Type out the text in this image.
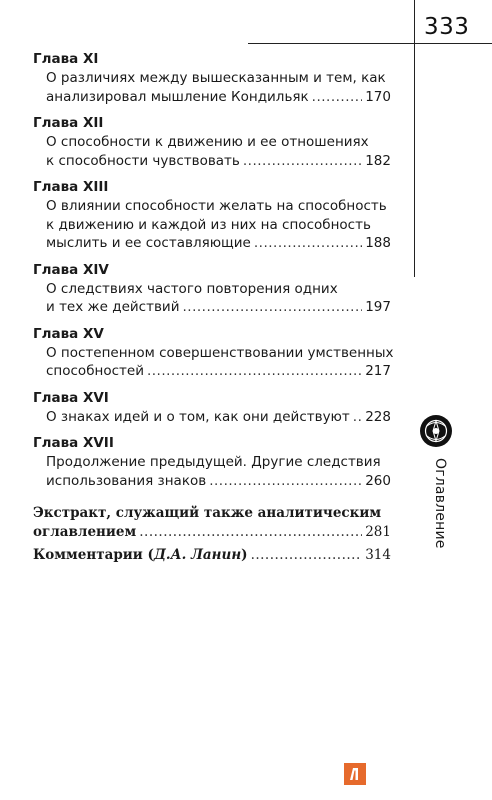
333
Глава XI
О различиях между вышесказанным и тем, как
анализировал мышление Кондильяк .....	170
Глава XII
О способности к движению и ее отношениях
к способности чувствовать .....	182
Глава XIII
О влиянии способности желать на способность
к движению и каждой из них на способность
мыслить и ее составляющие .....	188
Глава XIV
О следствиях частого повторения одних
и тех же действий .....	197
Глава XV
О постепенном совершенствовании умственных
способностей .....	217
Глава XVI
О знаках идей и о том, как они действуют ..... 228
Глава XVII
Продолжение предыдущей. Другие следствия
использования знаков .....	260
Экстракт, служащий также аналитическим
оглавлением .....	281
Комментарии (Д.А. Ланин) .....	314
Оглавление
